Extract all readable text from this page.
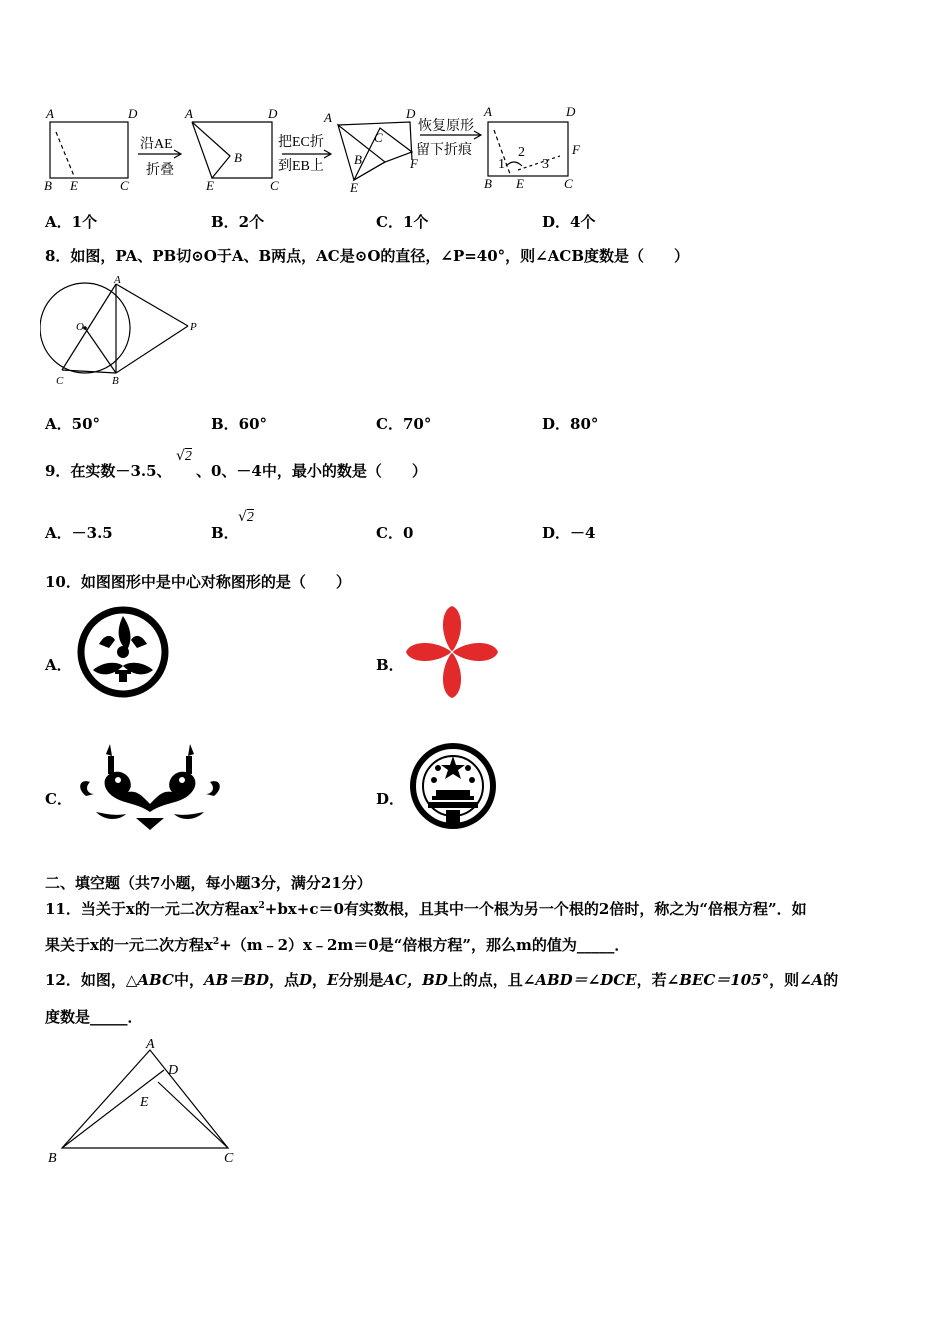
A	D
B E	C
A	D
B
E	C
A	D
C
B	F
E
A	D
F
B E	C
1
2
3
沿AE
折叠
把EC折
到EB上
恢复原形
留下折痕
A．1个	B．2个	C．1个	D．4个
8．如图，PA、PB切⊙O于A、B两点，AC是⊙O的直径，∠P=40°，则∠ACB度数是（　　）
A
O	P
C	B
A．50°	B．60°	C．70°	D．80°
9．在实数－3.5、
√2
、0、－4中，最小的数是（　　）
A．－3.5	B．
√2
C．0	D．－4
10．如图图形中是中心对称图形的是（　　）
A．	B．
C．	D．
二、填空题（共7小题，每小题3分，满分21分）
11．当关于x的一元二次方程$ax^2+bx+c=0$有实数根，且其中一个根为另一个根的2倍时，称之为“倍根方程”．如
果关于x的一元二次方程$x^2+(m﹣2)x﹣2m=0$是“倍根方程”，那么m的值为_____．
12．如图，△ABC中，AB＝BD，点D，E分别是AC，BD上的点，且∠ABD＝∠DCE，若∠BEC＝105°，则∠A的
度数是_____．
A
D
E
B	C
